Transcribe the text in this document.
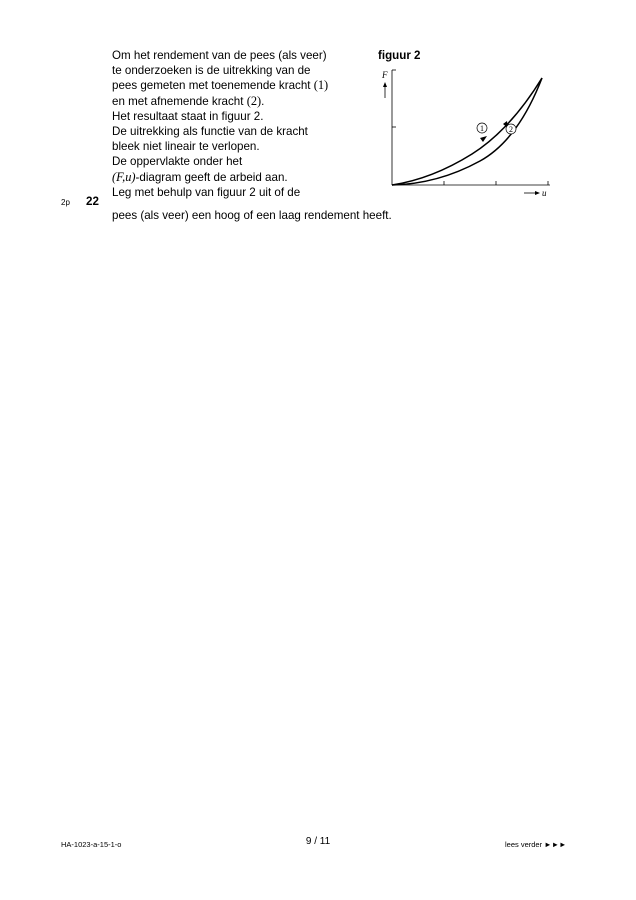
Om het rendement van de pees (als veer)
te onderzoeken is de uitrekking van de
pees gemeten met toenemende kracht (1)
en met afnemende kracht (2).
Het resultaat staat in figuur 2.
De uitrekking als functie van de kracht
bleek niet lineair te verlopen.
De oppervlakte onder het
(F,u)-diagram geeft de arbeid aan.
Leg met behulp van figuur 2 uit of de
pees (als veer) een hoog of een laag rendement heeft.
2p 22
figuur 2
F
u
1	2
HA-1023-a-15-1-o	9 / 11	lees verder ►►►
